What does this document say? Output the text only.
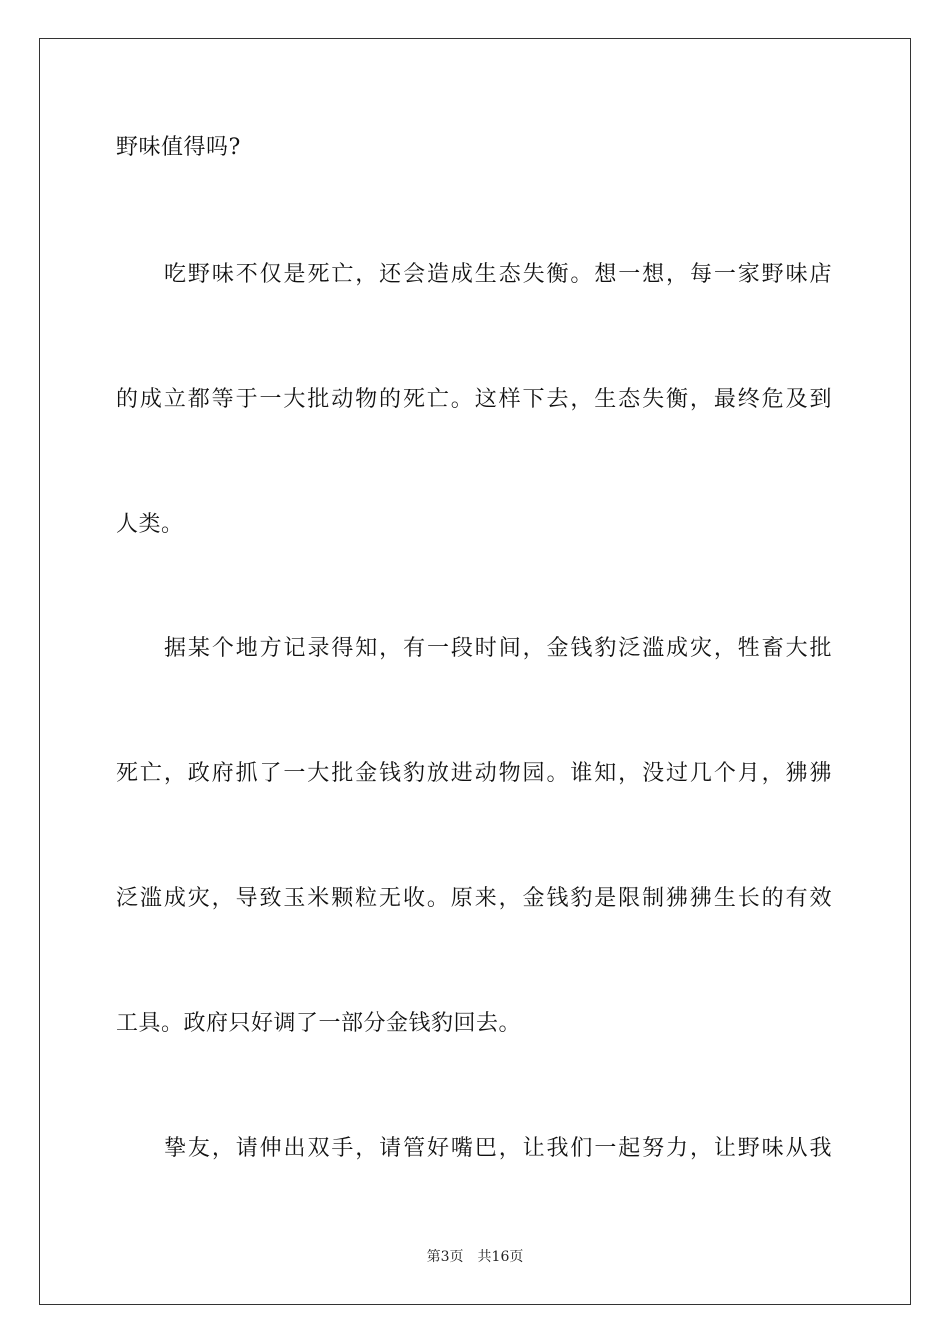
野味值得吗?
吃野味不仅是死亡，还会造成生态失衡。想一想，每一家野味店
的成立都等于一大批动物的死亡。这样下去，生态失衡，最终危及到
人类。
据某个地方记录得知，有一段时间，金钱豹泛滥成灾，牲畜大批
死亡，政府抓了一大批金钱豹放进动物园。谁知，没过几个月，狒狒
泛滥成灾，导致玉米颗粒无收。原来，金钱豹是限制狒狒生长的有效
工具。政府只好调了一部分金钱豹回去。
挚友，请伸出双手，请管好嘴巴，让我们一起努力，让野味从我
第3页 共16页
